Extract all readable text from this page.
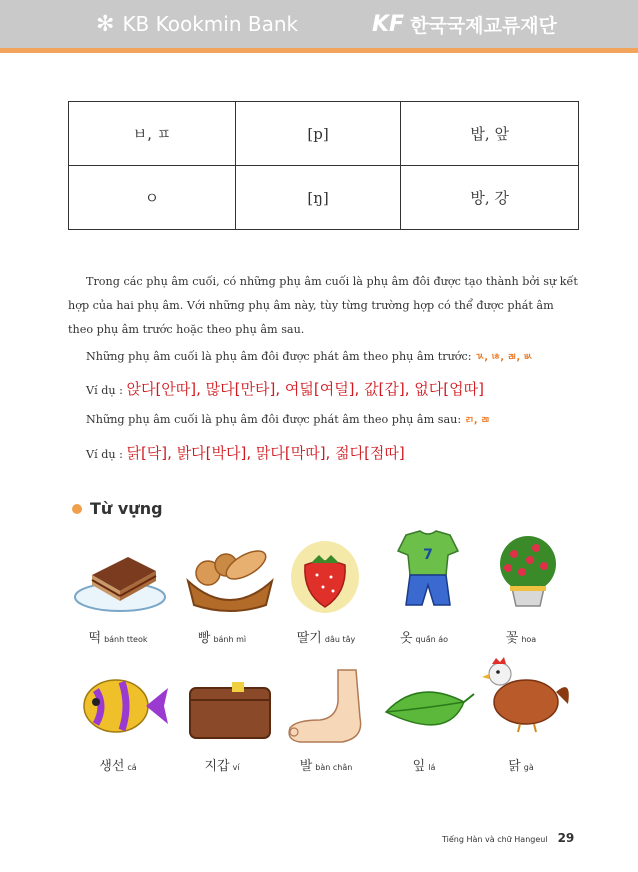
✻ KB Kookmin Bank	KF 한국국제교류재단
ㅂ, ㅍ	[p]	밥, 앞
ㅇ	[ŋ]	방, 강
Trong các phụ âm cuối, có những phụ âm cuối là phụ âm đôi được tạo thành bởi sự kết hợp của hai phụ âm. Với những phụ âm này, tùy từng trường hợp có thể được phát âm theo phụ âm trước hoặc theo phụ âm sau.
Những phụ âm cuối là phụ âm đôi được phát âm theo phụ âm trước: ㄳ, ㄶ, ㄼ, ㅄ
Ví dụ : 앉다[안따], 많다[만타], 여덟[여덜], 값[갑], 없다[업따]
Những phụ âm cuối là phụ âm đôi được phát âm theo phụ âm sau: ㄺ, ㄻ
Ví dụ : 닭[닥], 밝다[박다], 맑다[막따], 젊다[점따]
Từ vựng
7
떡bánh tteok	빵bánh mì	딸기 dâu tây	옷quần áo	꽃hoa
생선 cá	지갑 ví	발bàn chân	잎lá	닭gà
Tiếng Hàn và chữ Hangeul 29
